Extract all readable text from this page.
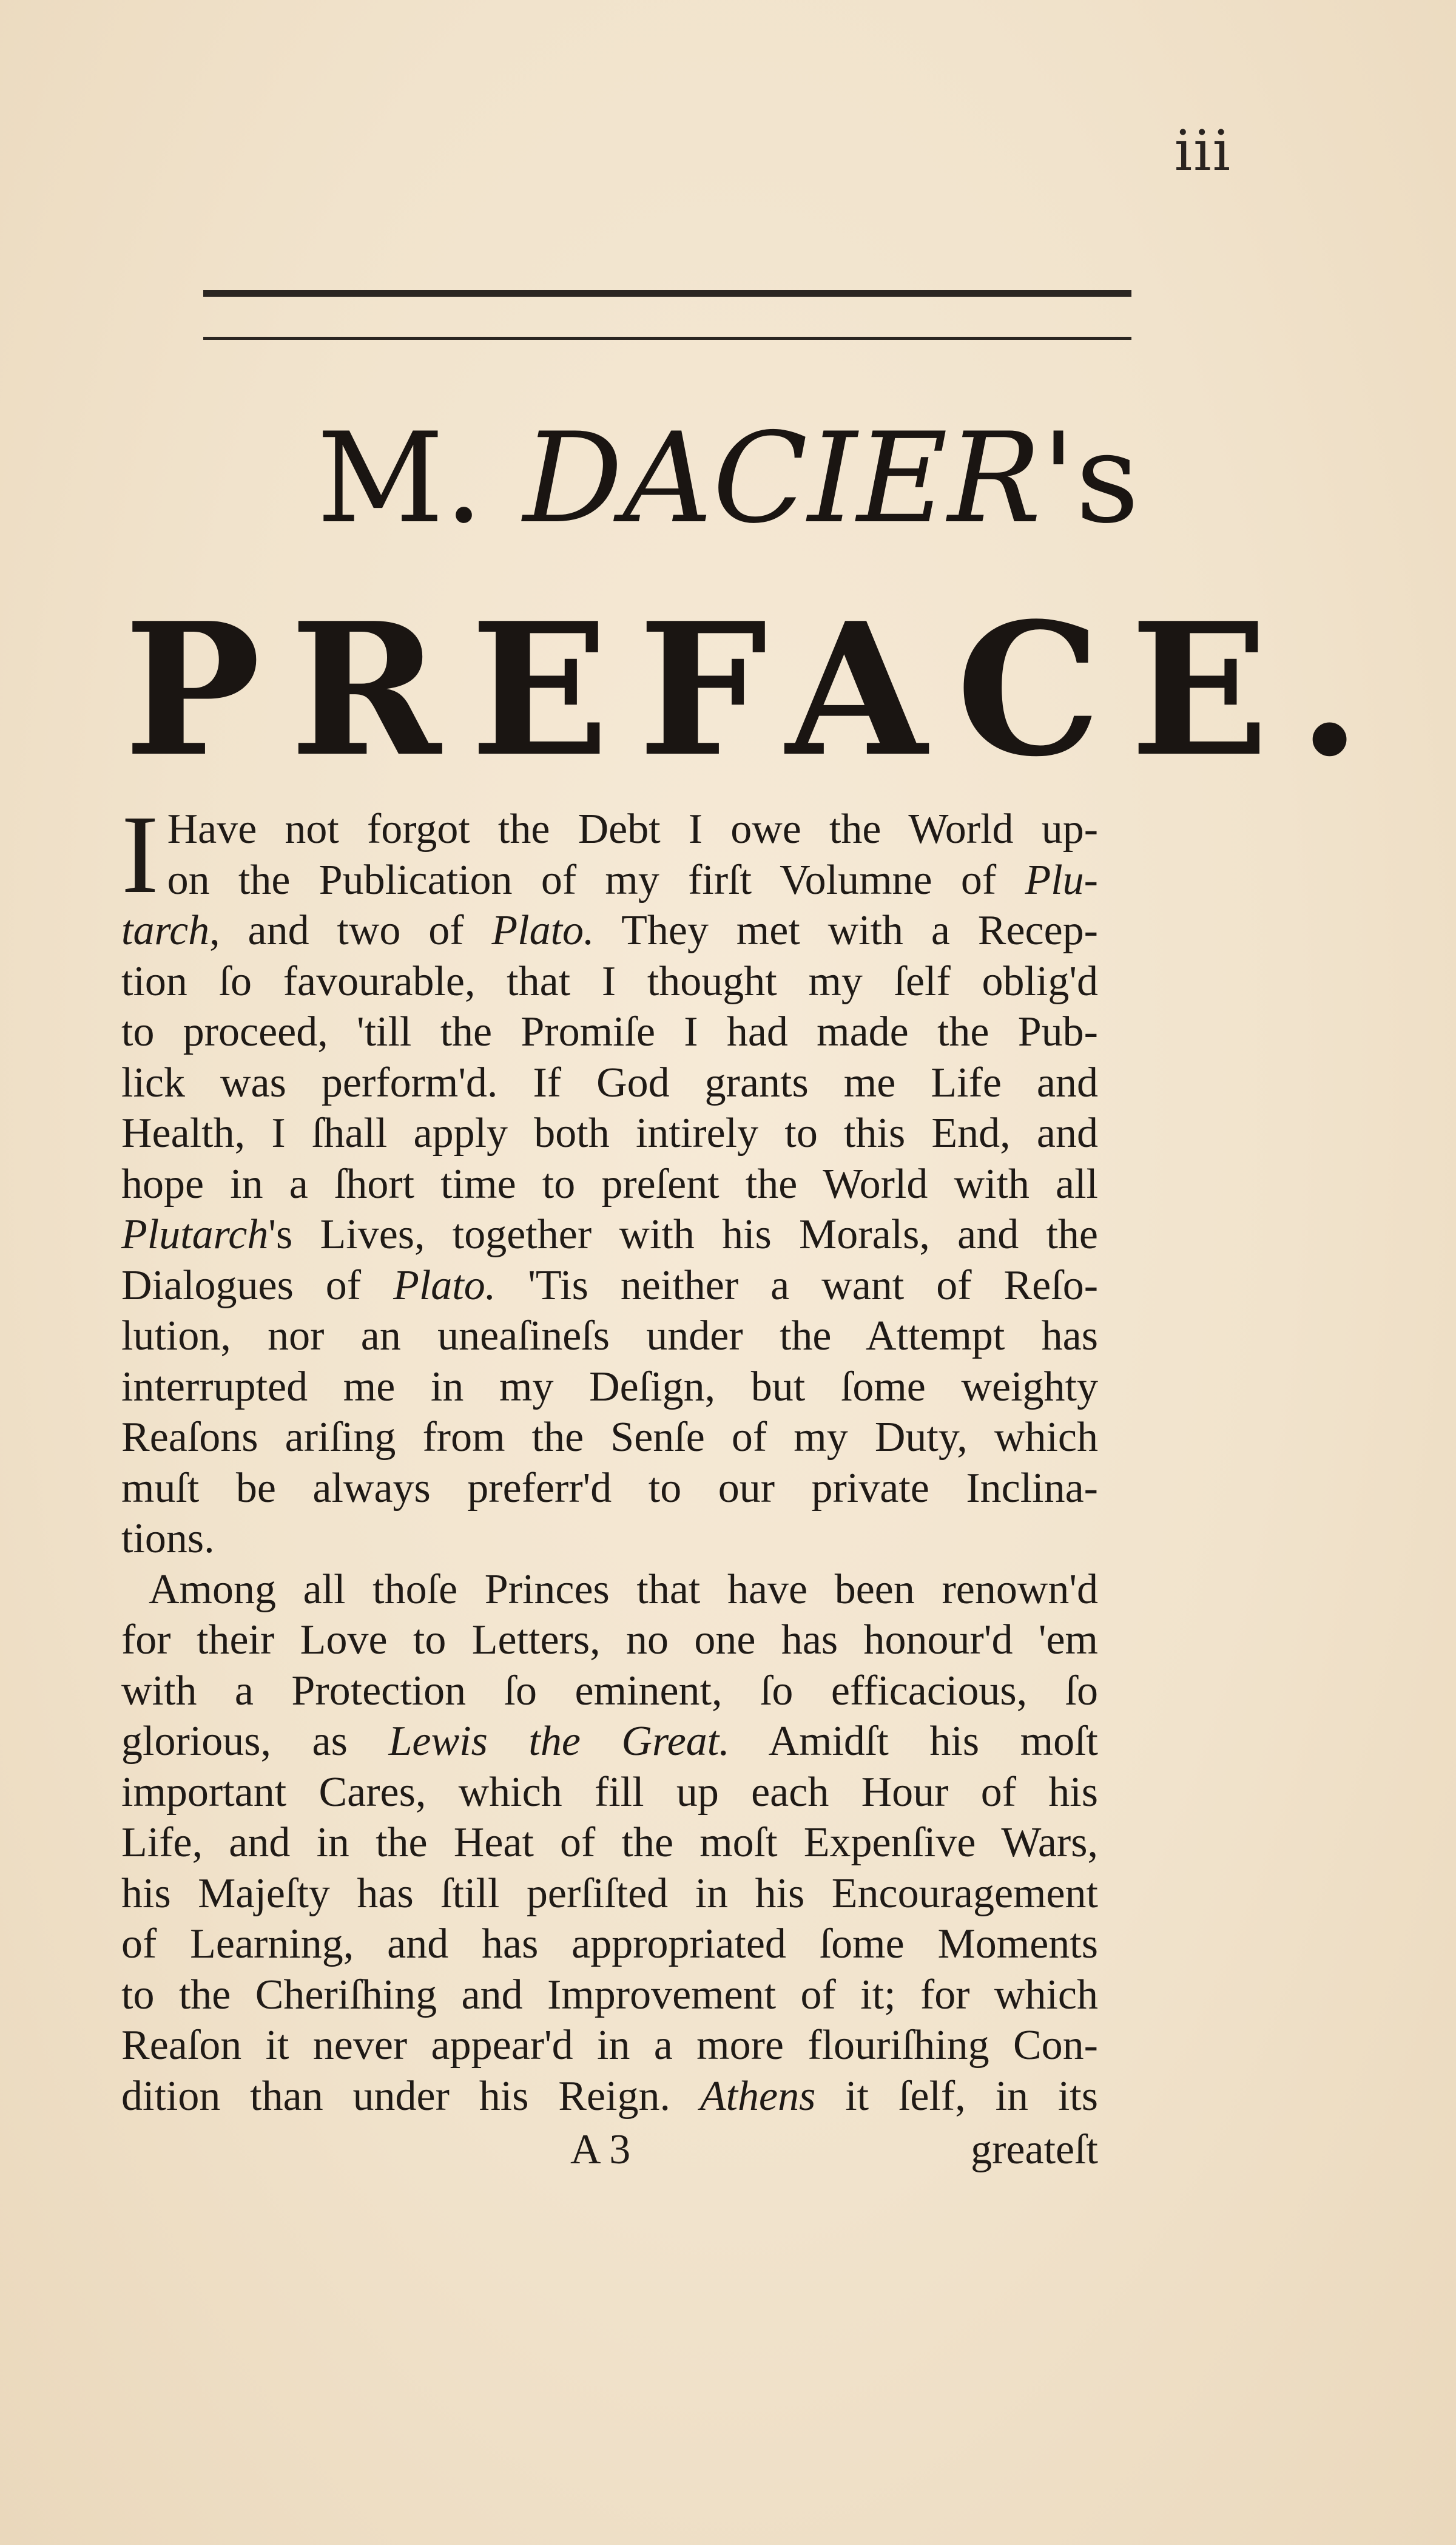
iii
M. DACIER's
PREFACE.
I Have not forgot the Debt I owe the World up-
on the Publication of my firſt Volumne of Plu-
tarch, and two of Plato. They met with a Recep-
tion ſo favourable, that I thought my ſelf oblig'd
to proceed, 'till the Promiſe I had made the Pub-
lick was perform'd. If God grants me Life and
Health, I ſhall apply both intirely to this End, and
hope in a ſhort time to preſent the World with all
Plutarch's Lives, together with his Morals, and the
Dialogues of Plato. 'Tis neither a want of Reſo-
lution, nor an uneaſineſs under the Attempt has
interrupted me in my Deſign, but ſome weighty
Reaſons ariſing from the Senſe of my Duty, which
muſt be always preferr'd to our private Inclina-
tions.
Among all thoſe Princes that have been renown'd
for their Love to Letters, no one has honour'd 'em
with a Protection ſo eminent, ſo efficacious, ſo
glorious, as Lewis the Great. Amidſt his moſt
important Cares, which fill up each Hour of his
Life, and in the Heat of the moſt Expenſive Wars,
his Majeſty has ſtill perſiſted in his Encouragement
of Learning, and has appropriated ſome Moments
to the Cheriſhing and Improvement of it; for which
Reaſon it never appear'd in a more flouriſhing Con-
dition than under his Reign. Athens it ſelf, in its
A 3	greateſt
